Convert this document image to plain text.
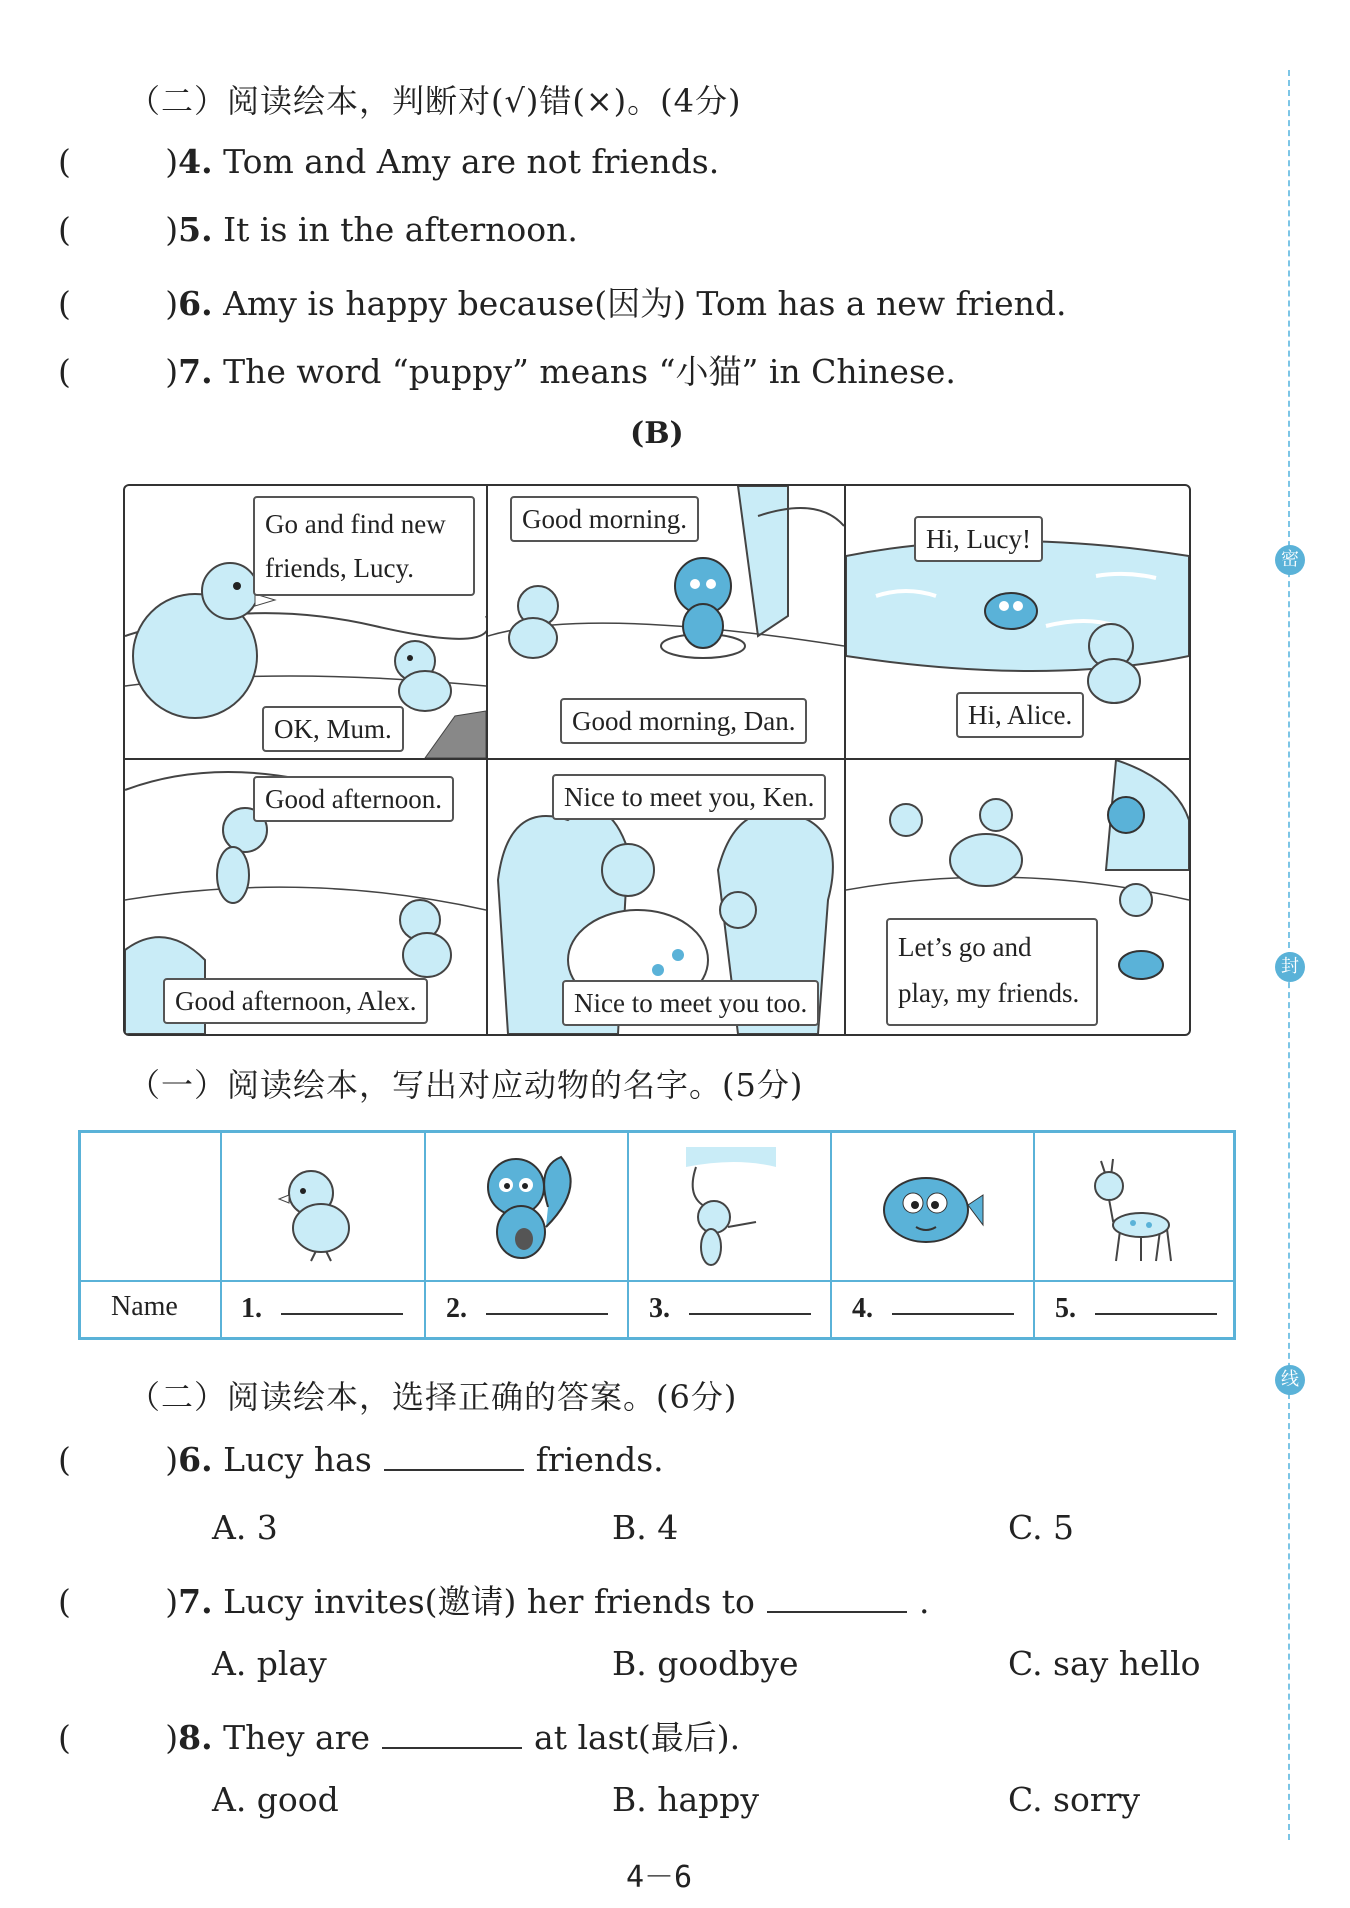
（二）阅读绘本，判断对(√)错(×)。(4分)
(         )4. Tom and Amy are not friends.
(         )5. It is in the afternoon.
(         )6. Amy is happy because(因为) Tom has a new friend.
(         )7. The word “puppy” means “小猫” in Chinese.
(B)
Go and find new friends, Lucy.
OK, Mum.
Good morning.
Good morning, Dan.
Hi, Lucy!
Hi, Alice.
Good afternoon.
Good afternoon, Alex.
Nice to meet you, Ken.
Nice to meet you too.
Let’s go and play, my friends.
（一）阅读绘本，写出对应动物的名字。(5分)
Name 1.	2.	3.	4.	5.
（二）阅读绘本，选择正确的答案。(6分)
(         )6. Lucy has	friends.
A. 3	B. 4	C. 5
(         )7. Lucy invites(邀请) her friends to	.
A. play	B. goodbye	C. say hello
(         )8. They are	at last(最后).
A. good	B. happy	C. sorry
4－6
密
封
线
